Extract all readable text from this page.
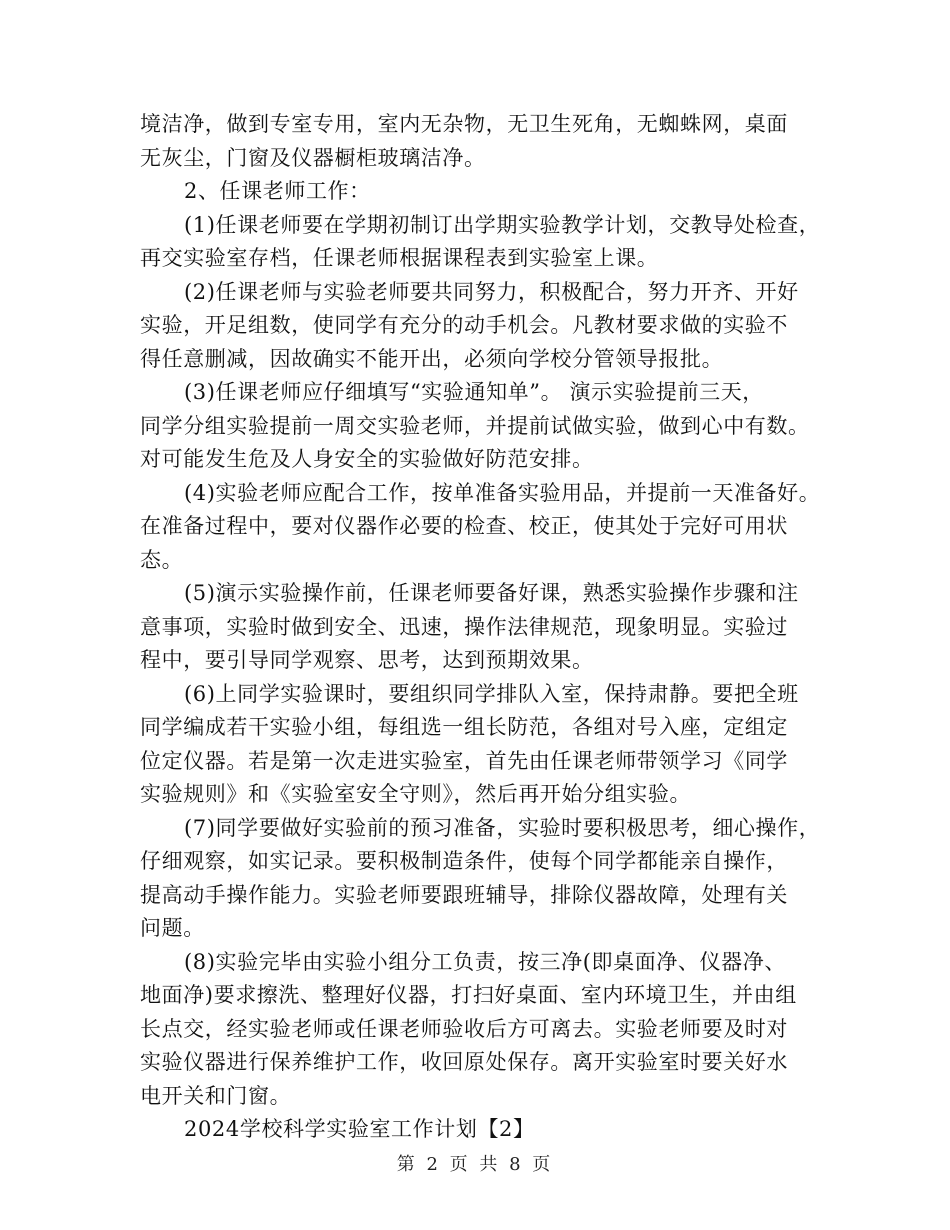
境洁净，做到专室专用，室内无杂物，无卫生死角，无蜘蛛网，桌面
无灰尘，门窗及仪器橱柜玻璃洁净。
2、任课老师工作：
(1)任课老师要在学期初制订出学期实验教学计划，交教导处检查，
再交实验室存档，任课老师根据课程表到实验室上课。
(2)任课老师与实验老师要共同努力，积极配合，努力开齐、开好
实验，开足组数，使同学有充分的动手机会。凡教材要求做的实验不
得任意删减，因故确实不能开出，必须向学校分管领导报批。
(3)任课老师应仔细填写“实验通知单”。 演示实验提前三天，
同学分组实验提前一周交实验老师，并提前试做实验，做到心中有数。
对可能发生危及人身安全的实验做好防范安排。
(4)实验老师应配合工作，按单准备实验用品，并提前一天准备好。
在准备过程中，要对仪器作必要的检查、校正，使其处于完好可用状
态。
(5)演示实验操作前，任课老师要备好课，熟悉实验操作步骤和注
意事项，实验时做到安全、迅速，操作法律规范，现象明显。实验过
程中，要引导同学观察、思考，达到预期效果。
(6)上同学实验课时，要组织同学排队入室，保持肃静。要把全班
同学编成若干实验小组，每组选一组长防范，各组对号入座，定组定
位定仪器。若是第一次走进实验室，首先由任课老师带领学习《同学
实验规则》和《实验室安全守则》，然后再开始分组实验。
(7)同学要做好实验前的预习准备，实验时要积极思考，细心操作，
仔细观察，如实记录。要积极制造条件，使每个同学都能亲自操作，
提高动手操作能力。实验老师要跟班辅导，排除仪器故障，处理有关
问题。
(8)实验完毕由实验小组分工负责，按三净(即桌面净、仪器净、
地面净)要求擦洗、整理好仪器，打扫好桌面、室内环境卫生，并由组
长点交，经实验老师或任课老师验收后方可离去。实验老师要及时对
实验仪器进行保养维护工作，收回原处保存。离开实验室时要关好水
电开关和门窗。
2024学校科学实验室工作计划【2】
第 2 页 共 8 页
